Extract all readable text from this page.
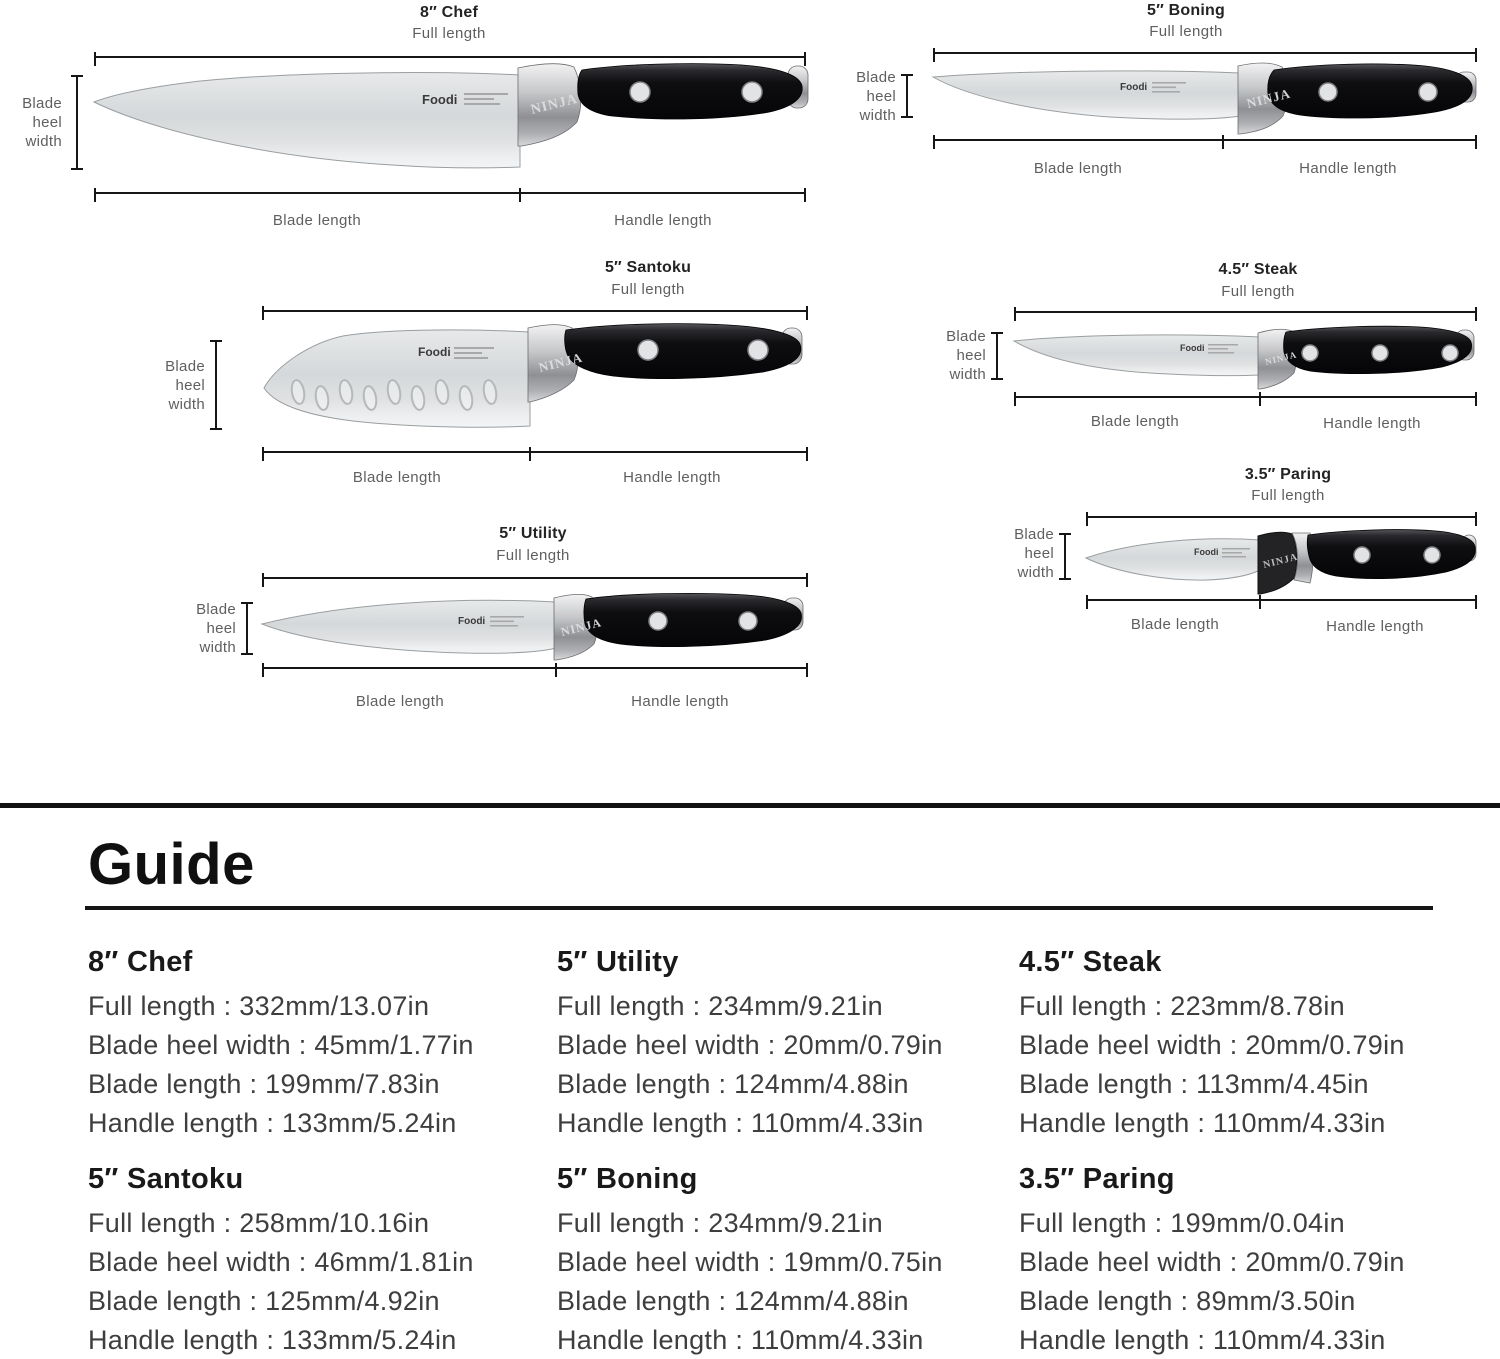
8″ Chef
Full length
Foodi	NINJA
Blade
heel
width
Blade length	Handle length
5″ Boning
Full length
Foodi	NINJA
Blade
heel
width
Blade length	Handle length
5″ Santoku
Full length
Foodi	NINJA
Blade
heel
width
Blade length	Handle length
4.5″ Steak
Full length
Foodi
NINJA
Blade
heel
width
Blade length	Handle length
5″ Utility
Full length
Foodi	NINJA
Blade
heel
width
Blade length	Handle length
3.5″ Paring
Full length
Foodi	NINJA
Blade
heel
width
Blade length	Handle length
Guide

8″ Chef

Full length : 332mm/13.07in

Blade heel width : 45mm/1.77in

Blade length : 199mm/7.83in

Handle length : 133mm/5.24in

5″ Utility

Full length : 234mm/9.21in

Blade heel width : 20mm/0.79in

Blade length : 124mm/4.88in

Handle length : 110mm/4.33in

4.5″ Steak

Full length : 223mm/8.78in

Blade heel width : 20mm/0.79in

Blade length : 113mm/4.45in

Handle length : 110mm/4.33in

5″ Santoku

Full length : 258mm/10.16in

Blade heel width : 46mm/1.81in

Blade length : 125mm/4.92in

Handle length : 133mm/5.24in

5″ Boning

Full length : 234mm/9.21in

Blade heel width : 19mm/0.75in

Blade length : 124mm/4.88in

Handle length : 110mm/4.33in

3.5″ Paring

Full length : 199mm/0.04in

Blade heel width : 20mm/0.79in

Blade length : 89mm/3.50in

Handle length : 110mm/4.33in
